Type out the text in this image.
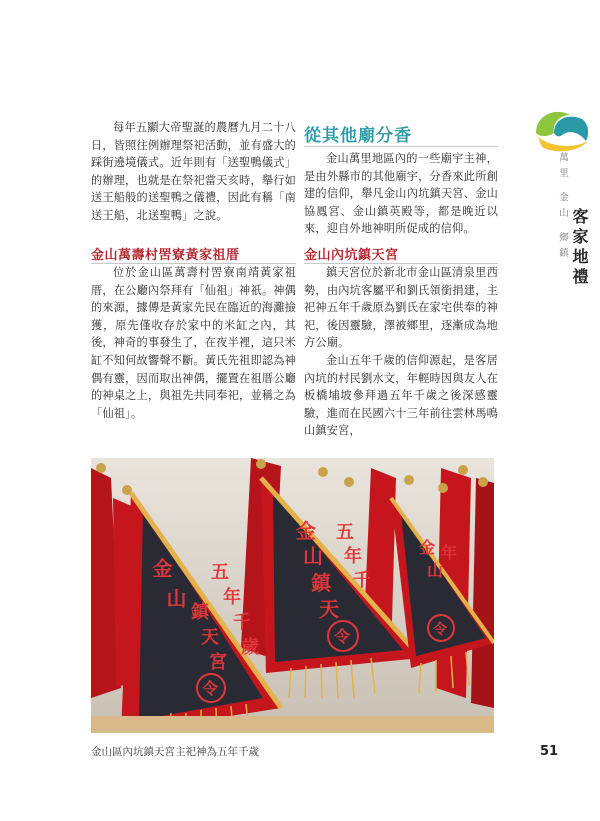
每年五顯大帝聖誕的農曆九月二十八日，皆照往例辦理祭祀活動，並有盛大的踩街遶境儀式。近年則有「送聖鴨儀式」的辦理，也就是在祭祀當天亥時，舉行如送王船般的送聖鴨之儀禮，因此有稱「南送王船，北送聖鴨」之說。

金山萬壽村罟寮黃家祖厝

位於金山區萬壽村罟寮南靖黃家祖厝，在公廳內祭拜有「仙祖」神祇。神偶的來源，據傳是黃家先民在臨近的海灘撿獲，原先僅收存於家中的米缸之內，其後，神奇的事發生了，在夜半裡，這只米缸不知何故響聲不斷。黃氏先祖即認為神偶有靈，因而取出神偶，擺置在祖厝公廳的神桌之上，與祖先共同奉祀，並稱之為「仙祖」。

從其他廟分香

金山萬里地區內的一些廟宇主神，是由外縣市的其他廟宇，分香來此所創建的信仰，舉凡金山內坑鎮天宮、金山協鳳宮、金山鎮英殿等，都是晚近以來，迎自外地神明所促成的信仰。

金山內坑鎮天宮

鎮天宮位於新北市金山區清泉里西勢，由內坑客屬平和劉氏領銜捐建，主祀神五年千歲原為劉氏在家宅供奉的神祀，後因靈驗，澤被鄉里，逐漸成為地方公廟。

金山五年千歲的信仰源起，是客居內坑的村民劉水文，年輕時因與友人在板橋埔坡參拜過五年千歲之後深感靈驗，進而在民國六十三年前往雲林馬鳴山鎮安宮，

萬里 金山 鄉鎮 客家地禮
金
山
鎮
天
宮
五
年
千
歲
令
金
山
鎮
天
五
年
千
令
金
山
年
令
金山區內坑鎮天宮主祀神為五年千歲	51
